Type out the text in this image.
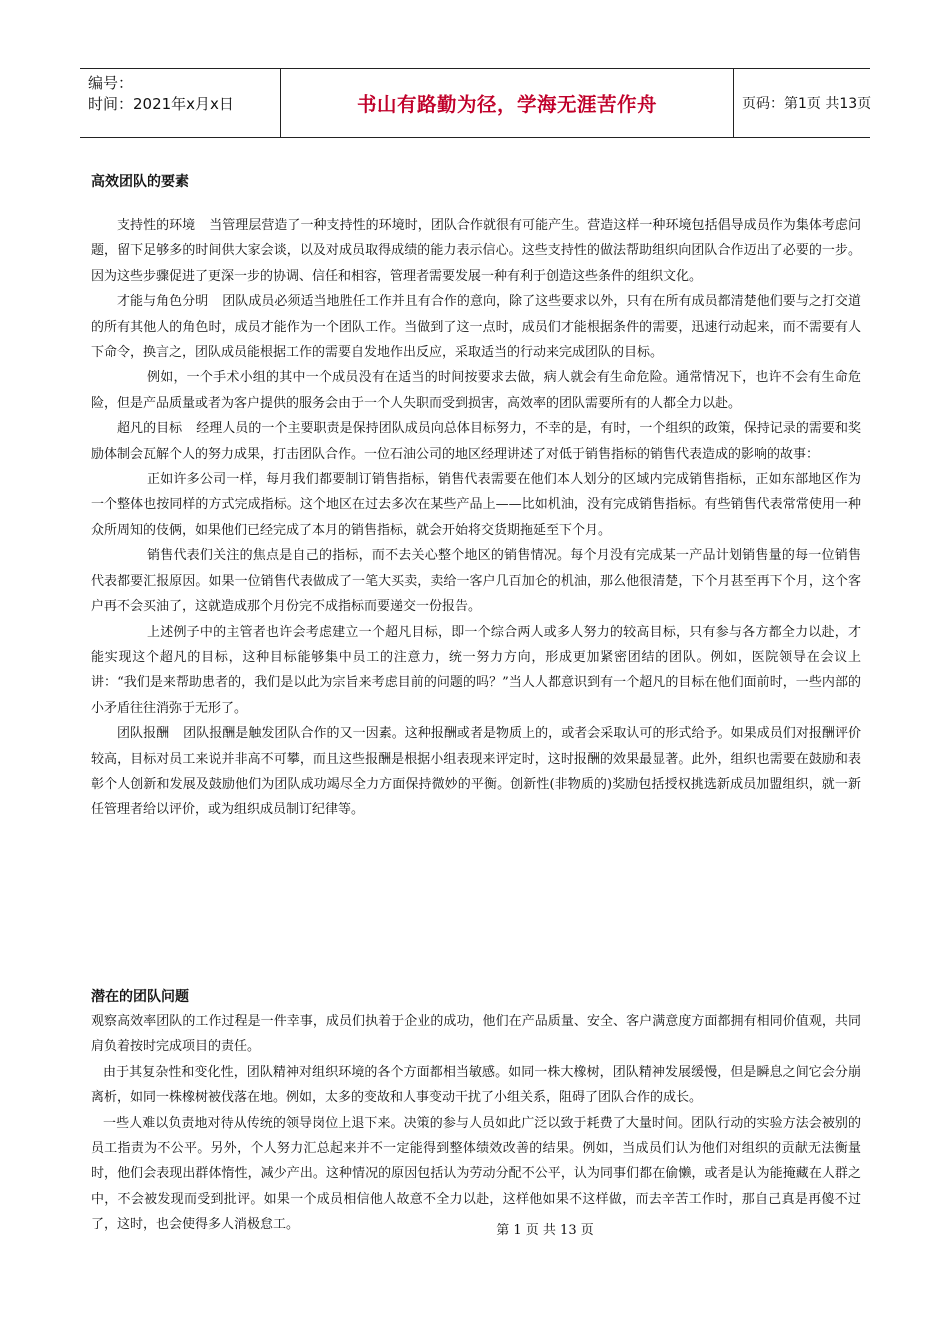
编号：
时间：2021年x月x日	书山有路勤为径，学海无涯苦作舟	页码：第1页 共13页
高效团队的要素

支持性的环境 当管理层营造了一种支持性的环境时，团队合作就很有可能产生。营造这样一种环境包括倡导成员作为集体考虑问题，留下足够多的时间供大家会谈，以及对成员取得成绩的能力表示信心。这些支持性的做法帮助组织向团队合作迈出了必要的一步。因为这些步骤促进了更深一步的协调、信任和相容，管理者需要发展一种有利于创造这些条件的组织文化。

才能与角色分明 团队成员必须适当地胜任工作并且有合作的意向，除了这些要求以外，只有在所有成员都清楚他们要与之打交道的所有其他人的角色时，成员才能作为一个团队工作。当做到了这一点时，成员们才能根据条件的需要，迅速行动起来，而不需要有人下命令，换言之，团队成员能根据工作的需要自发地作出反应，采取适当的行动来完成团队的目标。

例如，一个手术小组的其中一个成员没有在适当的时间按要求去做，病人就会有生命危险。通常情况下，也许不会有生命危险，但是产品质量或者为客户提供的服务会由于一个人失职而受到损害，高效率的团队需要所有的人都全力以赴。

超凡的目标 经理人员的一个主要职责是保持团队成员向总体目标努力，不幸的是，有时，一个组织的政策，保持记录的需要和奖励体制会瓦解个人的努力成果，打击团队合作。一位石油公司的地区经理讲述了对低于销售指标的销售代表造成的影响的故事：

正如许多公司一样，每月我们都要制订销售指标，销售代表需要在他们本人划分的区域内完成销售指标，正如东部地区作为一个整体也按同样的方式完成指标。这个地区在过去多次在某些产品上——比如机油，没有完成销售指标。有些销售代表常常使用一种众所周知的伎俩，如果他们已经完成了本月的销售指标，就会开始将交货期拖延至下个月。

销售代表们关注的焦点是自己的指标，而不去关心整个地区的销售情况。每个月没有完成某一产品计划销售量的每一位销售代表都要汇报原因。如果一位销售代表做成了一笔大买卖，卖给一客户几百加仑的机油，那么他很清楚，下个月甚至再下个月，这个客户再不会买油了，这就造成那个月份完不成指标而要递交一份报告。

上述例子中的主管者也许会考虑建立一个超凡目标，即一个综合两人或多人努力的较高目标，只有参与各方都全力以赴，才能实现这个超凡的目标，这种目标能够集中员工的注意力，统一努力方向，形成更加紧密团结的团队。例如，医院领导在会议上讲：“我们是来帮助患者的，我们是以此为宗旨来考虑目前的问题的吗？”当人人都意识到有一个超凡的目标在他们面前时，一些内部的小矛盾往往消弥于无形了。

团队报酬 团队报酬是触发团队合作的又一因素。这种报酬或者是物质上的，或者会采取认可的形式给予。如果成员们对报酬评价较高，目标对员工来说并非高不可攀，而且这些报酬是根据小组表现来评定时，这时报酬的效果最显著。此外，组织也需要在鼓励和表彰个人创新和发展及鼓励他们为团队成功竭尽全力方面保持微妙的平衡。创新性(非物质的)奖励包括授权挑选新成员加盟组织，就一新任管理者给以评价，或为组织成员制订纪律等。

潜在的团队问题

观察高效率团队的工作过程是一件幸事，成员们执着于企业的成功，他们在产品质量、安全、客户满意度方面都拥有相同价值观，共同肩负着按时完成项目的责任。

由于其复杂性和变化性，团队精神对组织环境的各个方面都相当敏感。如同一株大橡树，团队精神发展缓慢，但是瞬息之间它会分崩离析，如同一株橡树被伐落在地。例如，太多的变故和人事变动干扰了小组关系，阻碍了团队合作的成长。

一些人难以负责地对待从传统的领导岗位上退下来。决策的参与人员如此广泛以致于耗费了大量时间。团队行动的实验方法会被别的员工指责为不公平。另外，个人努力汇总起来并不一定能得到整体绩效改善的结果。例如，当成员们认为他们对组织的贡献无法衡量时，他们会表现出群体惰性，减少产出。这种情况的原因包括认为劳动分配不公平，认为同事们都在偷懒，或者是认为能掩藏在人群之中，不会被发现而受到批评。如果一个成员相信他人故意不全力以赴，这样他如果不这样做，而去辛苦工作时，那自己真是再傻不过了，这时，也会使得多人消极怠工。	第 1 页 共 13 页
